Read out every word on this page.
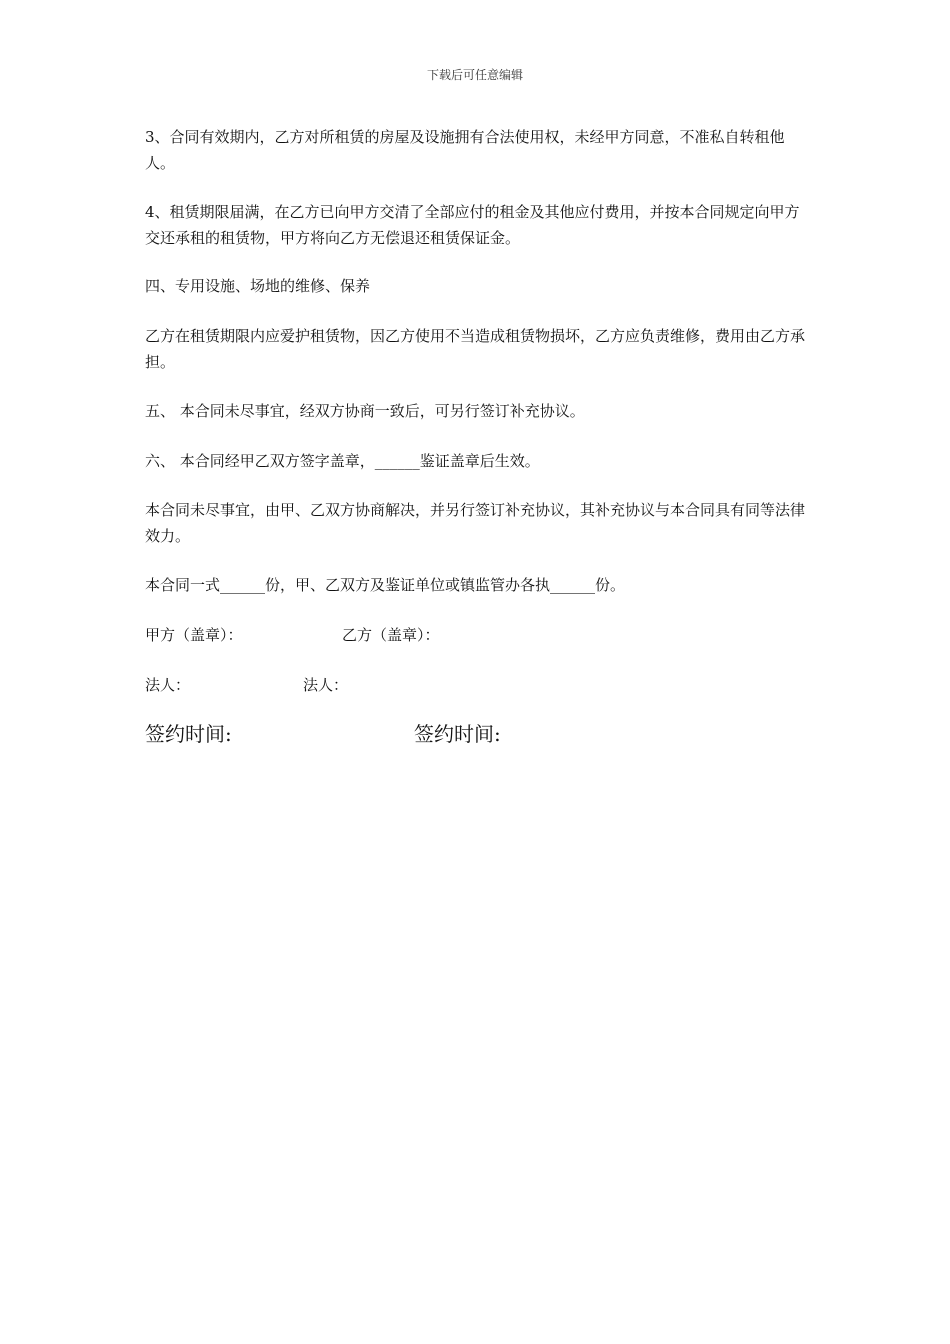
下载后可任意编辑

3、合同有效期内，乙方对所租赁的房屋及设施拥有合法使用权，未经甲方同意，不准私自转租他人。

4、租赁期限届满，在乙方已向甲方交清了全部应付的租金及其他应付费用，并按本合同规定向甲方交还承租的租赁物，甲方将向乙方无偿退还租赁保证金。

四、专用设施、场地的维修、保养

乙方在租赁期限内应爱护租赁物，因乙方使用不当造成租赁物损坏，乙方应负责维修，费用由乙方承担。

五、 本合同未尽事宜，经双方协商一致后，可另行签订补充协议。

六、 本合同经甲乙双方签字盖章，______鉴证盖章后生效。

本合同未尽事宜，由甲、乙双方协商解决，并另行签订补充协议，其补充协议与本合同具有同等法律效力。

本合同一式______份，甲、乙双方及鉴证单位或镇监管办各执______份。

甲方（盖章）：	乙方（盖章）：
法人：	法人：
签约时间:	签约时间:
